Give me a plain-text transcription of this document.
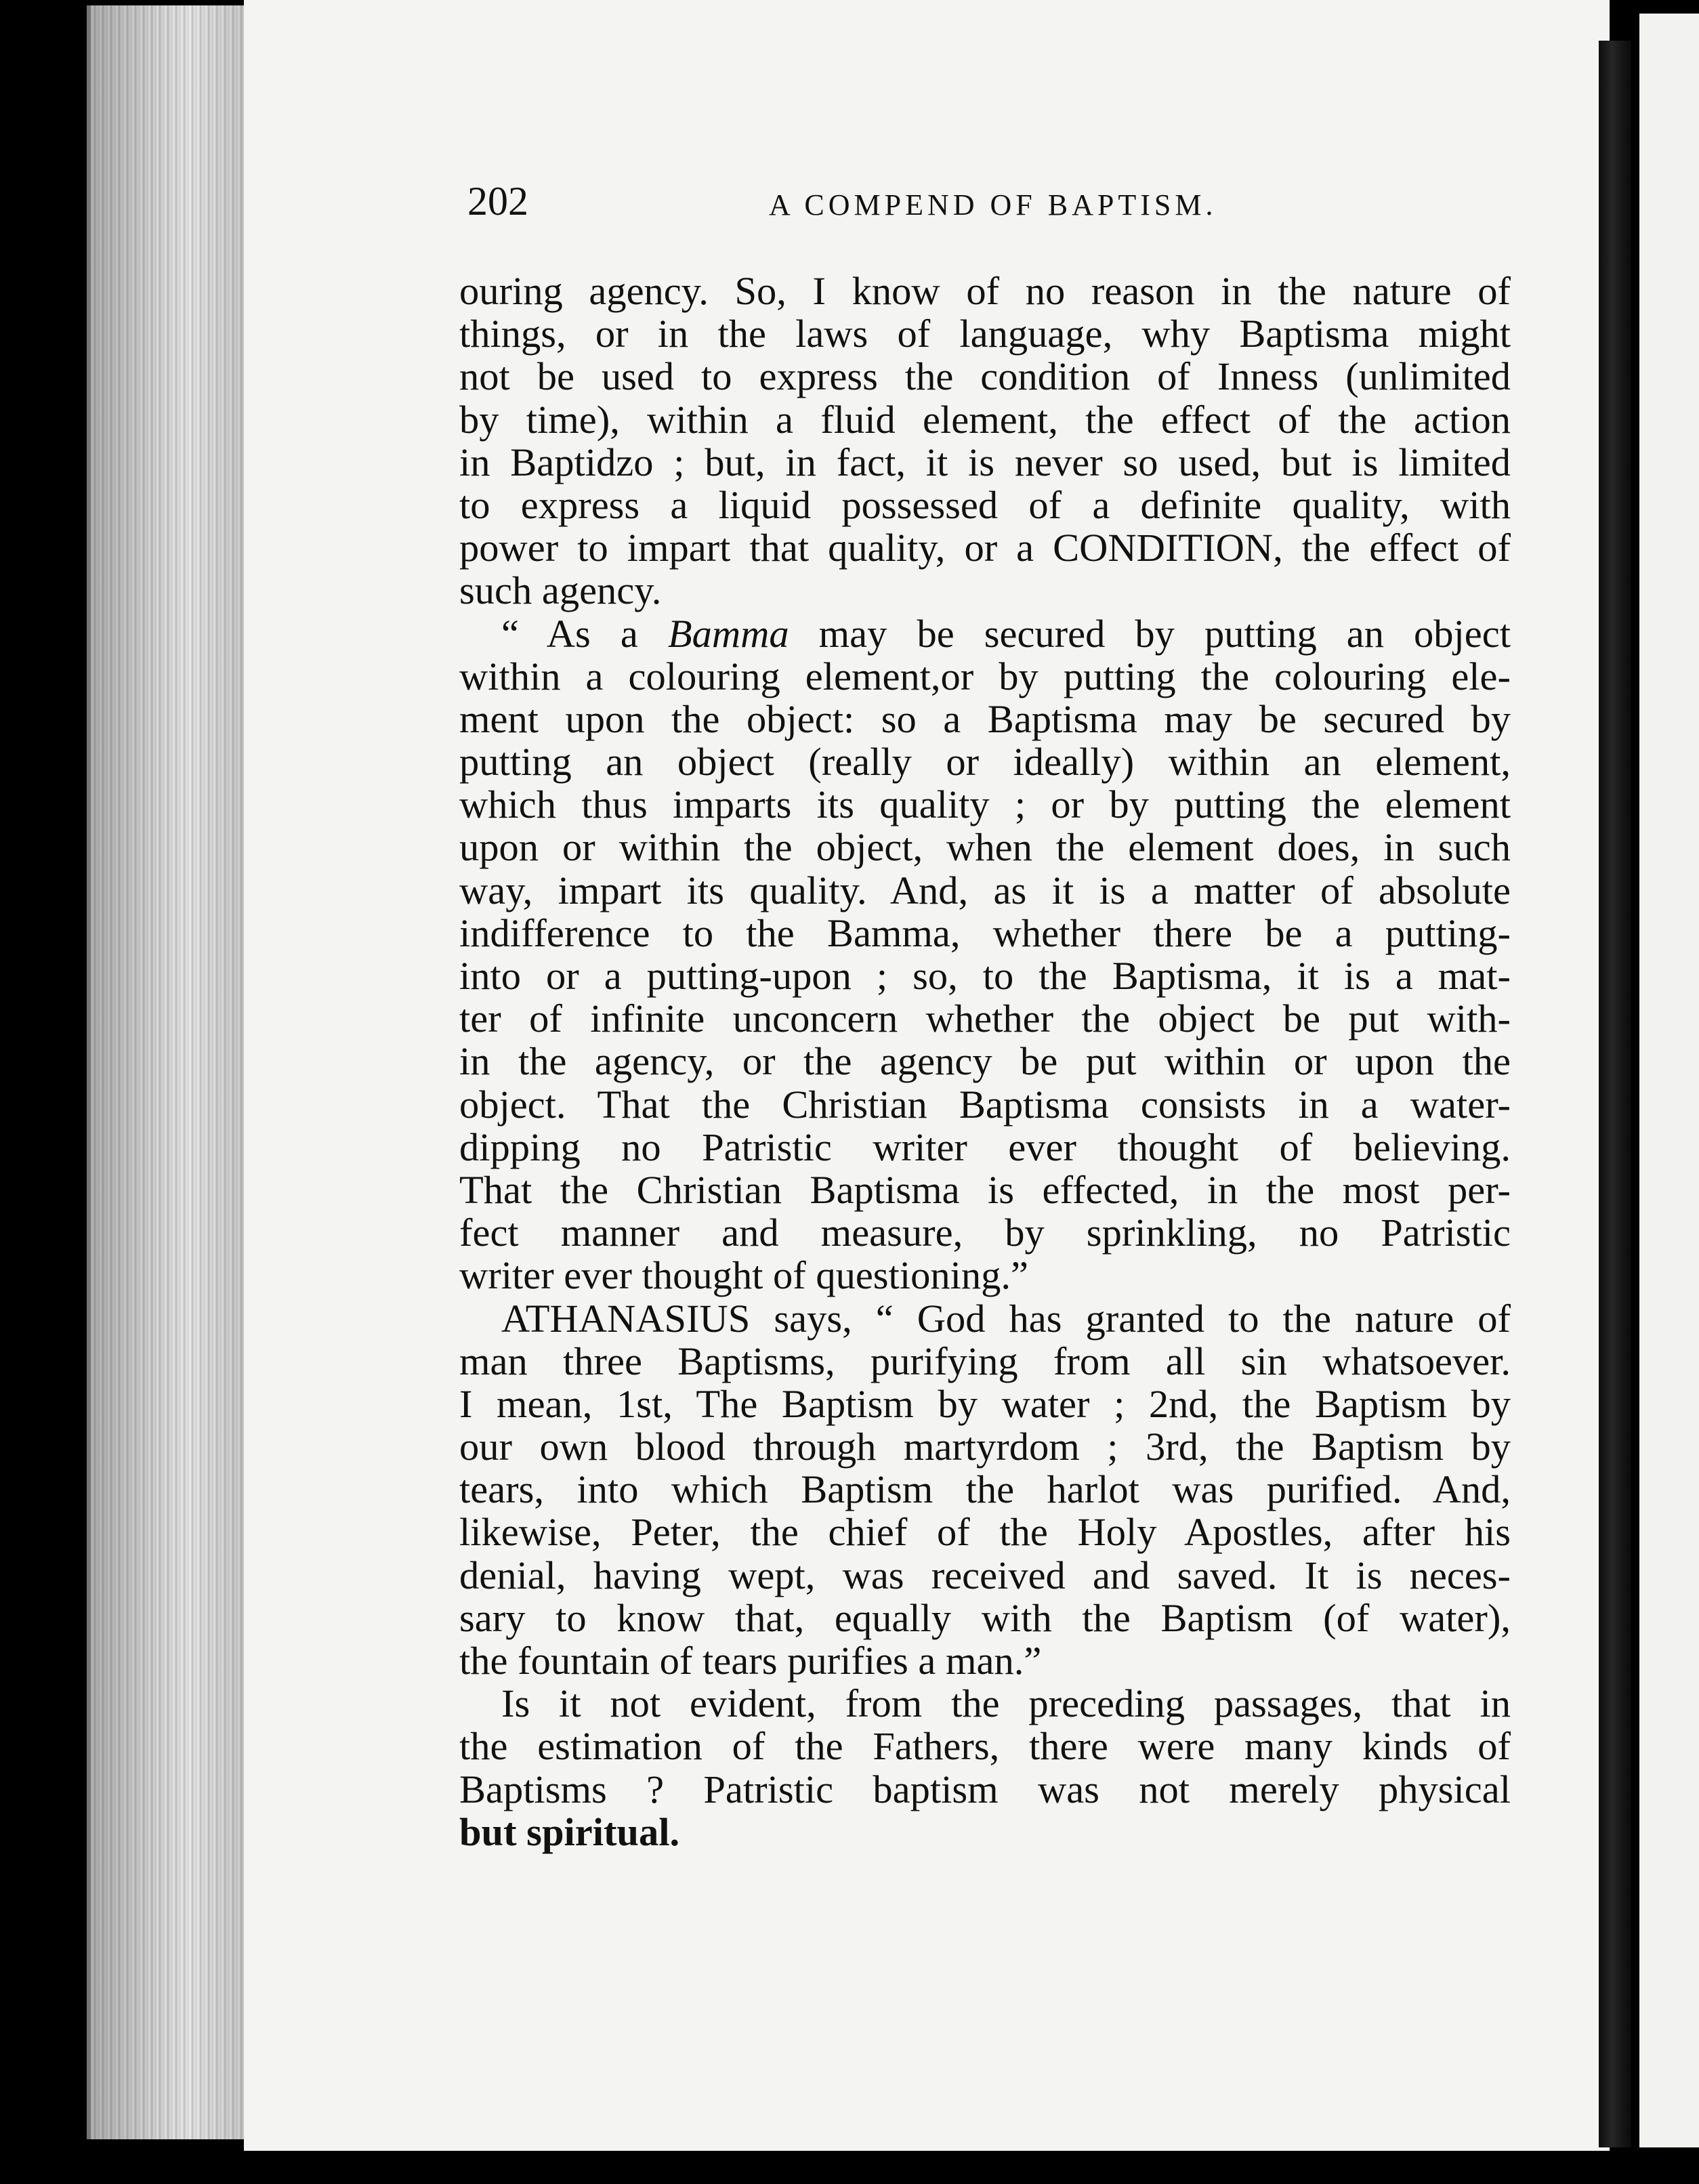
202	A COMPEND OF BAPTISM.
ouring agency. So, I know of no reason in the nature of
things, or in the laws of language, why Baptisma might
not be used to express the condition of Inness (unlimited
by time), within a fluid element, the effect of the action
in Baptidzo ; but, in fact, it is never so used, but is limited
to express a liquid possessed of a definite quality, with
power to impart that quality, or a CONDITION, the effect of
such agency.
“ As a Bamma may be secured by putting an object
within a colouring element,or by putting the colouring ele-
ment upon the object: so a Baptisma may be secured by
putting an object (really or ideally) within an element,
which thus imparts its quality ; or by putting the element
upon or within the object, when the element does, in such
way, impart its quality. And, as it is a matter of absolute
indifference to the Bamma, whether there be a putting-
into or a putting-upon ; so, to the Baptisma, it is a mat-
ter of infinite unconcern whether the object be put with-
in the agency, or the agency be put within or upon the
object. That the Christian Baptisma consists in a water-
dipping no Patristic writer ever thought of believing.
That the Christian Baptisma is effected, in the most per-
fect manner and measure, by sprinkling, no Patristic
writer ever thought of questioning.”
ATHANASIUS says, “ God has granted to the nature of
man three Baptisms, purifying from all sin whatsoever.
I mean, 1st, The Baptism by water ; 2nd, the Baptism by
our own blood through martyrdom ; 3rd, the Baptism by
tears, into which Baptism the harlot was purified. And,
likewise, Peter, the chief of the Holy Apostles, after his
denial, having wept, was received and saved. It is neces-
sary to know that, equally with the Baptism (of water),
the fountain of tears purifies a man.”
Is it not evident, from the preceding passages, that in
the estimation of the Fathers, there were many kinds of
Baptisms ? Patristic baptism was not merely physical
but spiritual.
